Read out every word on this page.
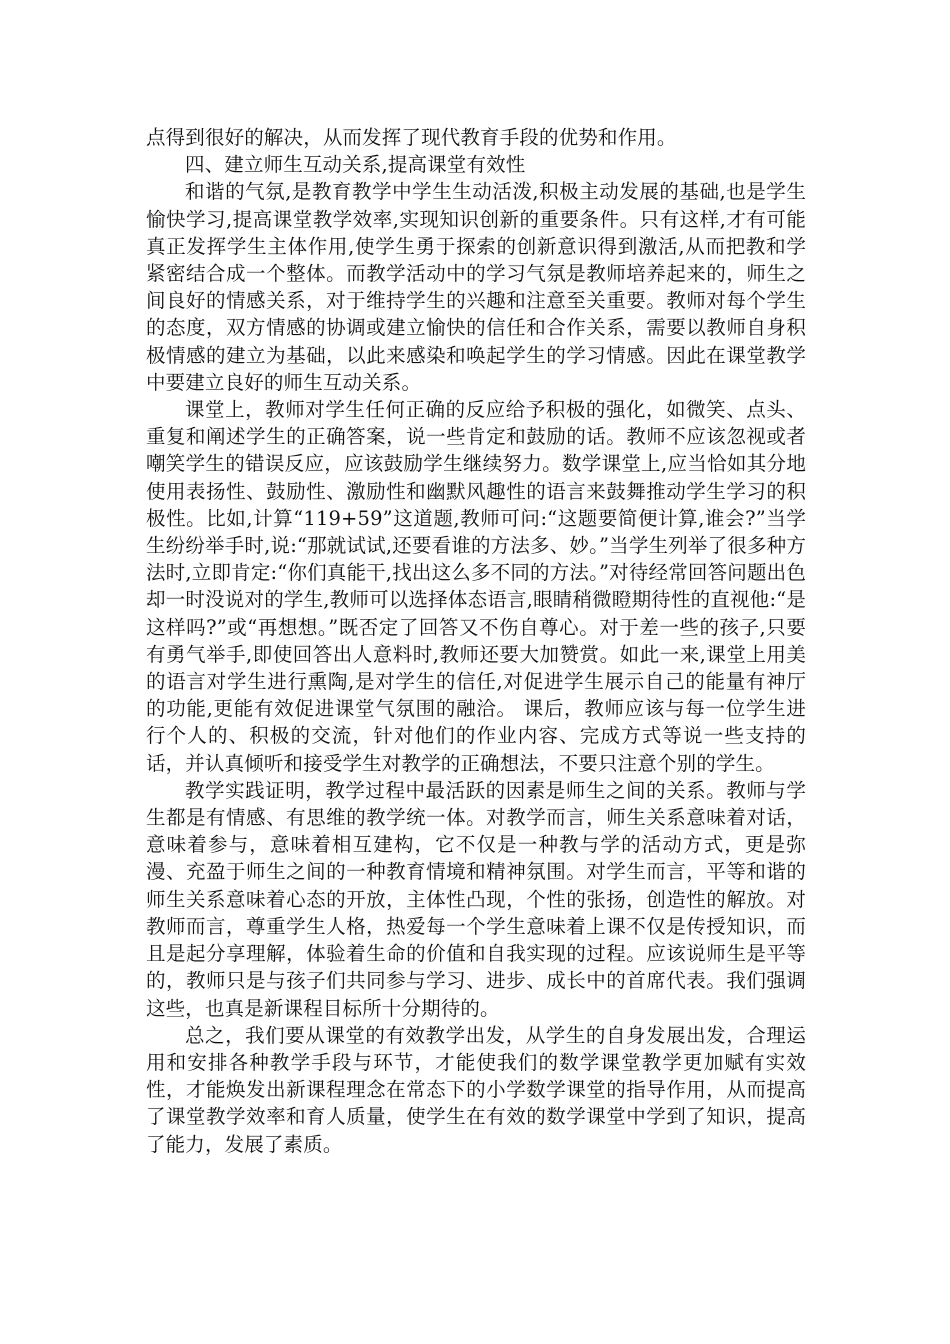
点得到很好的解决，从而发挥了现代教育手段的优势和作用。

四、建立师生互动关系,提高课堂有效性

和谐的气氛,是教育教学中学生生动活泼,积极主动发展的基础,也是学生愉快学习,提高课堂教学效率,实现知识创新的重要条件。只有这样,才有可能真正发挥学生主体作用,使学生勇于探索的创新意识得到激活,从而把教和学紧密结合成一个整体。而教学活动中的学习气氛是教师培养起来的，师生之间良好的情感关系，对于维持学生的兴趣和注意至关重要。教师对每个学生的态度，双方情感的协调或建立愉快的信任和合作关系，需要以教师自身积极情感的建立为基础，以此来感染和唤起学生的学习情感。因此在课堂教学中要建立良好的师生互动关系。

课堂上，教师对学生任何正确的反应给予积极的强化，如微笑、点头、重复和阐述学生的正确答案，说一些肯定和鼓励的话。教师不应该忽视或者嘲笑学生的错误反应，应该鼓励学生继续努力。数学课堂上,应当恰如其分地使用表扬性、鼓励性、激励性和幽默风趣性的语言来鼓舞推动学生学习的积极性。比如,计算“119+59”这道题,教师可问:“这题要简便计算,谁会?”当学生纷纷举手时,说:“那就试试,还要看谁的方法多、妙。”当学生列举了很多种方法时,立即肯定:“你们真能干,找出这么多不同的方法。”对待经常回答问题出色却一时没说对的学生,教师可以选择体态语言,眼睛稍微瞪期待性的直视他:“是这样吗?”或“再想想。”既否定了回答又不伤自尊心。对于差一些的孩子,只要有勇气举手,即使回答出人意料时,教师还要大加赞赏。如此一来,课堂上用美的语言对学生进行熏陶,是对学生的信任,对促进学生展示自己的能量有神厅的功能,更能有效促进课堂气氛围的融洽。 课后，教师应该与每一位学生进行个人的、积极的交流，针对他们的作业内容、完成方式等说一些支持的话，并认真倾听和接受学生对教学的正确想法，不要只注意个别的学生。

教学实践证明，教学过程中最活跃的因素是师生之间的关系。教师与学生都是有情感、有思维的教学统一体。对教学而言，师生关系意味着对话，意味着参与，意味着相互建构，它不仅是一种教与学的活动方式，更是弥漫、充盈于师生之间的一种教育情境和精神氛围。对学生而言，平等和谐的师生关系意味着心态的开放，主体性凸现，个性的张扬，创造性的解放。对教师而言，尊重学生人格，热爱每一个学生意味着上课不仅是传授知识，而且是起分享理解，体验着生命的价值和自我实现的过程。应该说师生是平等的，教师只是与孩子们共同参与学习、进步、成长中的首席代表。我们强调这些，也真是新课程目标所十分期待的。

总之，我们要从课堂的有效教学出发，从学生的自身发展出发，合理运用和安排各种教学手段与环节，才能使我们的数学课堂教学更加赋有实效性，才能焕发出新课程理念在常态下的小学数学课堂的指导作用，从而提高了课堂教学效率和育人质量，使学生在有效的数学课堂中学到了知识，提高了能力，发展了素质。
